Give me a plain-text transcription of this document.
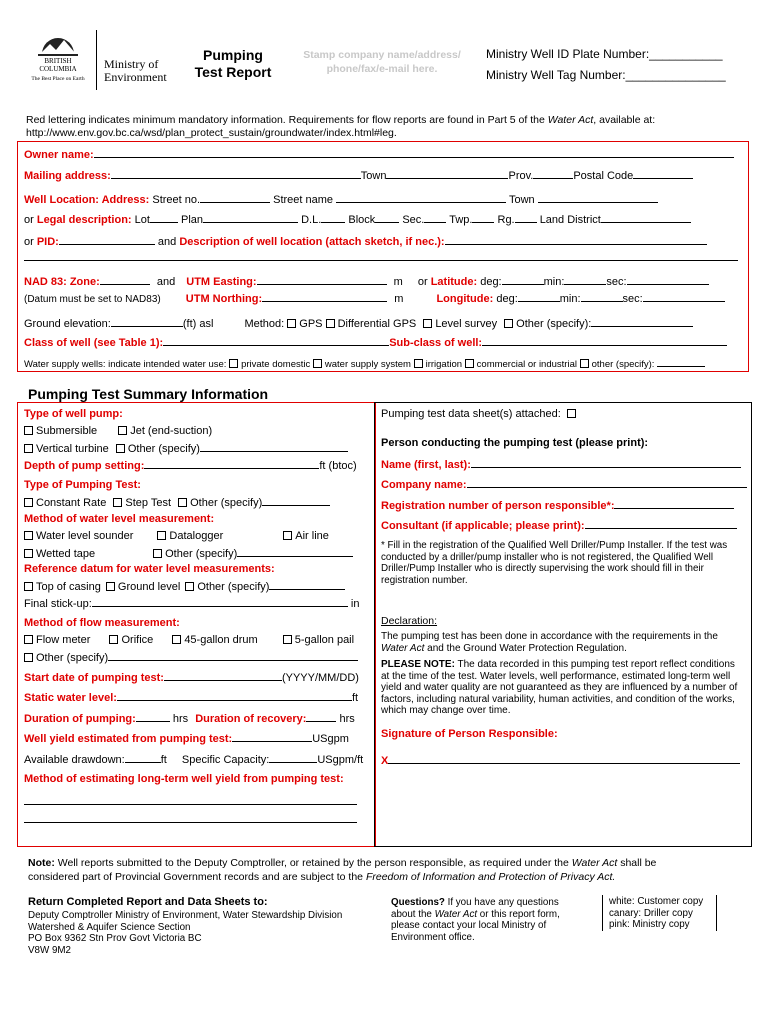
BRITISH
COLUMBIA
The Best Place on Earth
Ministry of
Environment
Pumping
Test Report
Stamp company name/address/
phone/fax/e-mail here.
Ministry Well ID Plate Number:___________
Ministry Well Tag Number:_______________
Red lettering indicates minimum mandatory information. Requirements for flow reports are found in Part 5 of the Water Act, available at:
http://www.env.gov.bc.ca/wsd/plan_protect_sustain/groundwater/index.html#leg.
Owner name:
Mailing address:	Town	Prov.	Postal Code
Well Location: Address: Street no.	Street name	Town
or Legal description: Lot	Plan	D.L. Block Sec. Twp. Rg. Land District
or PID:	and Description of well location (attach sketch, if nec.):
NAD 83: Zone:	and UTM Easting:	m or Latitude: deg:	min:	sec:
(Datum must be set to NAD83) UTM Northing:	m	Longitude: deg:	min:	sec:
Ground elevation:	(ft) asl	Method: GPS Differential GPS Level survey Other (specify):
Class of well (see Table 1):	Sub-class of well:
Water supply wells: indicate intended water use: private domestic water supply system irrigation commercial or industrial other (specify):
Pumping Test Summary Information
Type of well pump:
Submersible	Jet (end-suction)
Vertical turbine Other (specify)
Depth of pump setting:	ft (btoc)
Type of Pumping Test:
Constant Rate Step Test Other (specify)
Method of water level measurement:
Water level sounder	Datalogger	Air line
Wetted tape	Other (specify)
Reference datum for water level measurements:
Top of casing Ground level Other (specify)
Final stick-up:	in
Method of flow measurement:
Flow meter	Orifice	45-gallon drum	5-gallon pail
Other (specify)
Start date of pumping test:	(YYYY/MM/DD)
Static water level:	ft
Duration of pumping:	hrs Duration of recovery:	hrs
Well yield estimated from pumping test:	USgpm
Available drawdown:	ft Specific Capacity:	USgpm/ft
Method of estimating long-term well yield from pumping test:
Pumping test data sheet(s) attached:
Person conducting the pumping test (please print):
Name (first, last):
Company name:
Registration number of person responsible*:
Consultant (if applicable; please print):
* Fill in the registration of the Qualified Well Driller/Pump Installer. If the test was conducted by a driller/pump installer who is not registered, the Qualified Well Driller/Pump Installer who is directly supervising the work should fill in their registration number.
Declaration:
The pumping test has been done in accordance with the requirements in the Water Act and the Ground Water Protection Regulation.
PLEASE NOTE: The data recorded in this pumping test report reflect conditions at the time of the test. Water levels, well performance, estimated long-term well yield and water quality are not guaranteed as they are influenced by a number of factors, including natural variability, human activities, and condition of the works, which may change over time.
Signature of Person Responsible:
X
Note: Well reports submitted to the Deputy Comptroller, or retained by the person responsible, as required under the Water Act shall be
considered part of Provincial Government records and are subject to the Freedom of Information and Protection of Privacy Act.
Return Completed Report and Data Sheets to:
Deputy Comptroller Ministry of Environment, Water Stewardship Division
Watershed & Aquifer Science Section
PO Box 9362 Stn Prov Govt Victoria BC
V8W 9M2
Questions? If you have any questions
about the Water Act or this report form,
please contact your local Ministry of
Environment office.
white: Customer copy
canary: Driller copy
pink: Ministry copy
